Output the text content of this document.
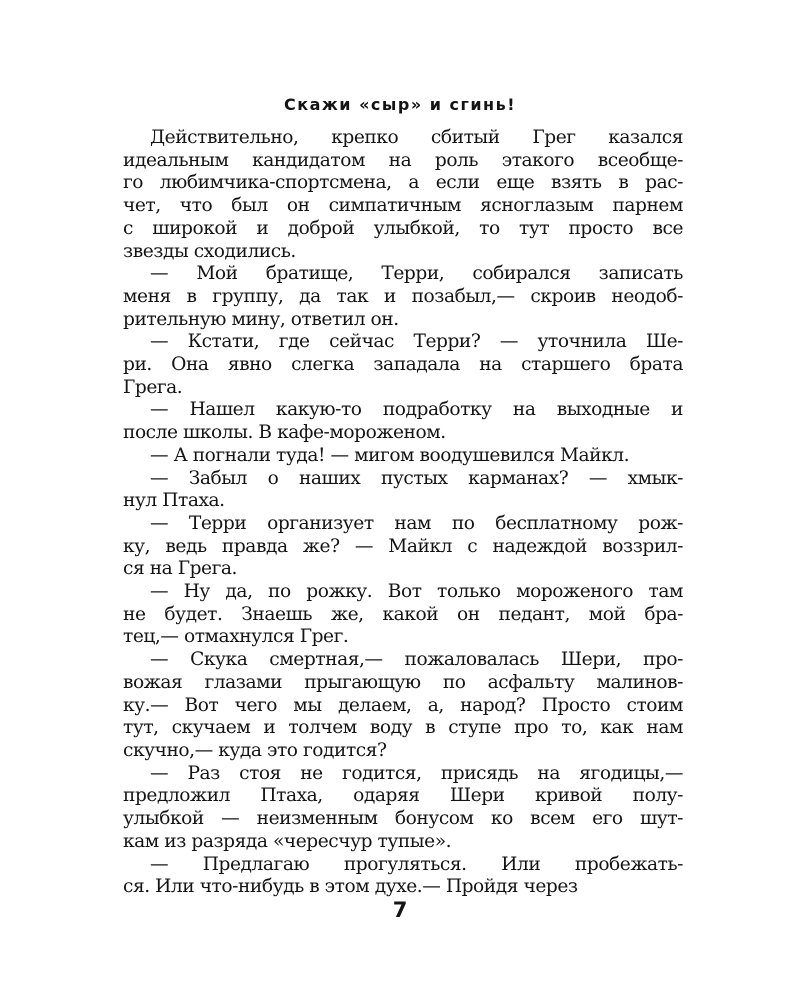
Скажи «сыр» и сгинь!
Действительно, крепко сбитый Грег казался
идеальным кандидатом на роль этакого всеобще-
го любимчика-спортсмена, а если еще взять в рас-
чет, что был он симпатичным ясноглазым парнем
с широкой и доброй улыбкой, то тут просто все
звезды сходились.
— Мой братище, Терри, собирался записать
меня в группу, да так и позабыл,— скроив неодоб-
рительную мину, ответил он.
— Кстати, где сейчас Терри? — уточнила Ше-
ри. Она явно слегка западала на старшего брата
Грега.
— Нашел какую-то подработку на выходные и
после школы. В кафе-мороженом.
— А погнали туда! — мигом воодушевился Майкл.
— Забыл о наших пустых карманах? — хмык-
нул Птаха.
— Терри организует нам по бесплатному рож-
ку, ведь правда же? — Майкл с надеждой воззрил-
ся на Грега.
— Ну да, по рожку. Вот только мороженого там
не будет. Знаешь же, какой он педант, мой бра-
тец,— отмахнулся Грег.
— Скука смертная,— пожаловалась Шери, про-
вожая глазами прыгающую по асфальту малинов-
ку.— Вот чего мы делаем, а, народ? Просто стоим
тут, скучаем и толчем воду в ступе про то, как нам
скучно,— куда это годится?
— Раз стоя не годится, присядь на ягодицы,—
предложил Птаха, одаряя Шери кривой полу-
улыбкой — неизменным бонусом ко всем его шут-
кам из разряда «чересчур тупые».
— Предлагаю прогуляться. Или пробежать-
ся. Или что-нибудь в этом духе.— Пройдя через
7
